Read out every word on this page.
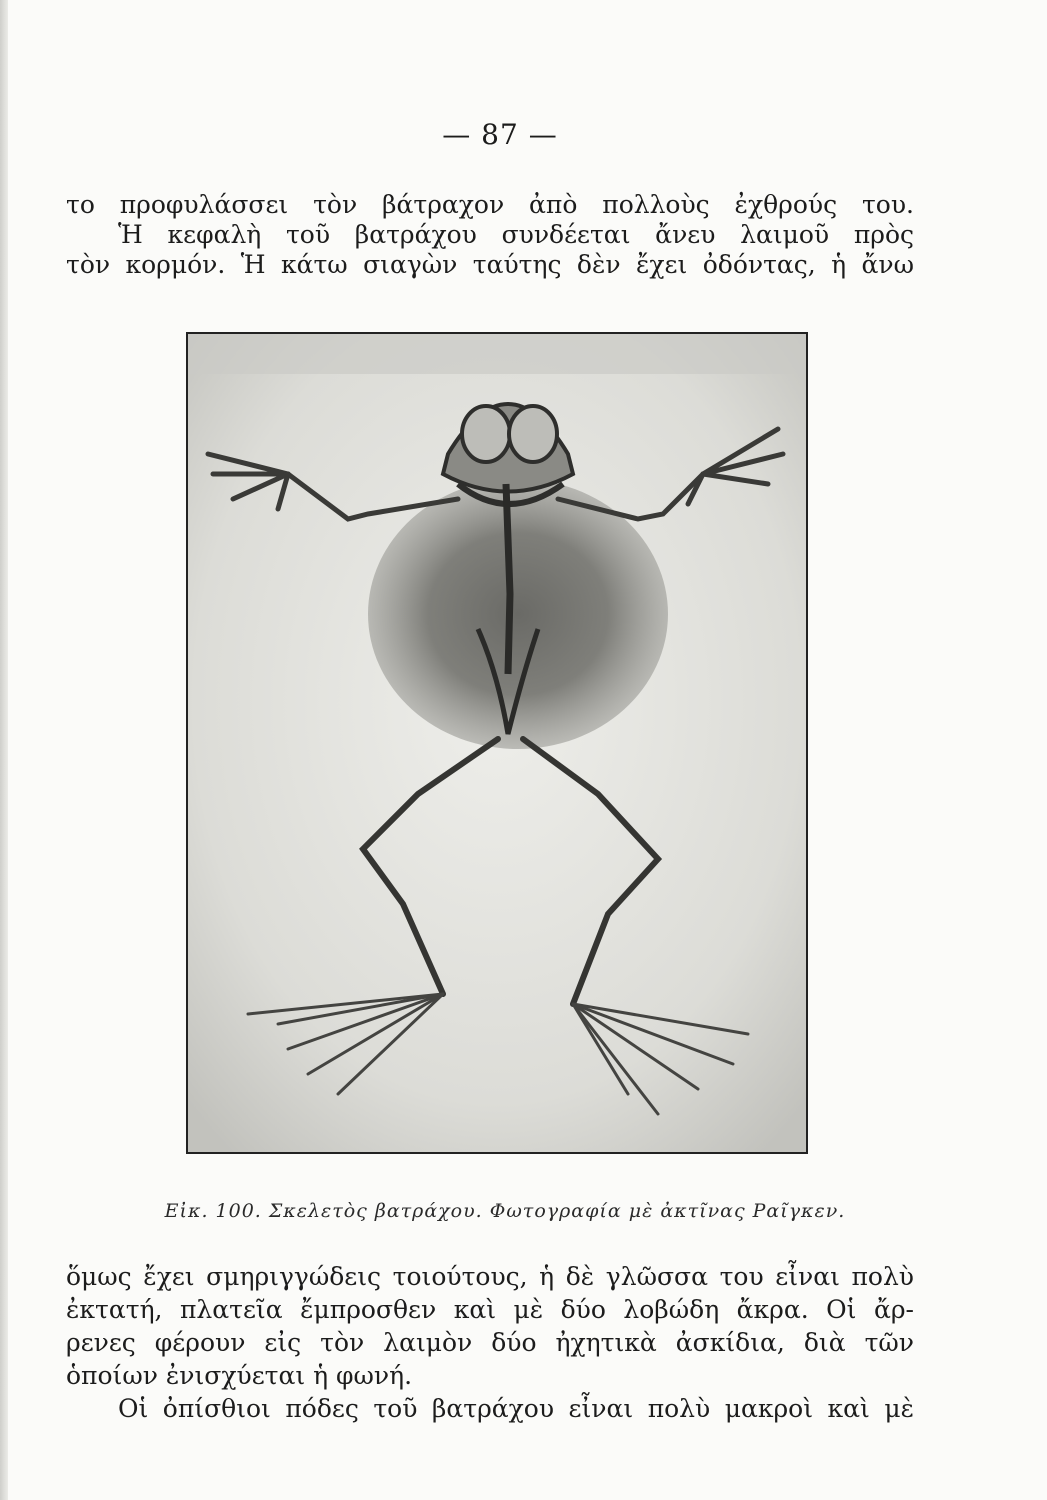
— 87 —
το προφυλάσσει τὸν βάτραχον ἀπὸ πολλοὺς ἐχθρούς του.
Ἡ κεφαλὴ τοῦ βατράχου συνδέεται ἄνευ λαιμοῦ πρὸς
τὸν κορμόν. Ἡ κάτω σιαγὼν ταύτης δὲν ἔχει ὀδόντας, ἡ ἄνω
Εἰκ. 100. Σκελετὸς βατράχου. Φωτογραφία μὲ ἀκτῖνας Ραῖγκεν.
ὅμως ἔχει σμηριγγώδεις τοιούτους, ἡ δὲ γλῶσσα του εἶναι πολὺ
ἐκτατή, πλατεῖα ἔμπροσθεν καὶ μὲ δύο λοβώδη ἄκρα. Οἱ ἄρ-
ρενες φέρουν εἰς τὸν λαιμὸν δύο ἠχητικὰ ἀσκίδια, διὰ τῶν
ὁποίων ἐνισχύεται ἡ φωνή.
Οἱ ὀπίσθιοι πόδες τοῦ βατράχου εἶναι πολὺ μακροὶ καὶ μὲ
